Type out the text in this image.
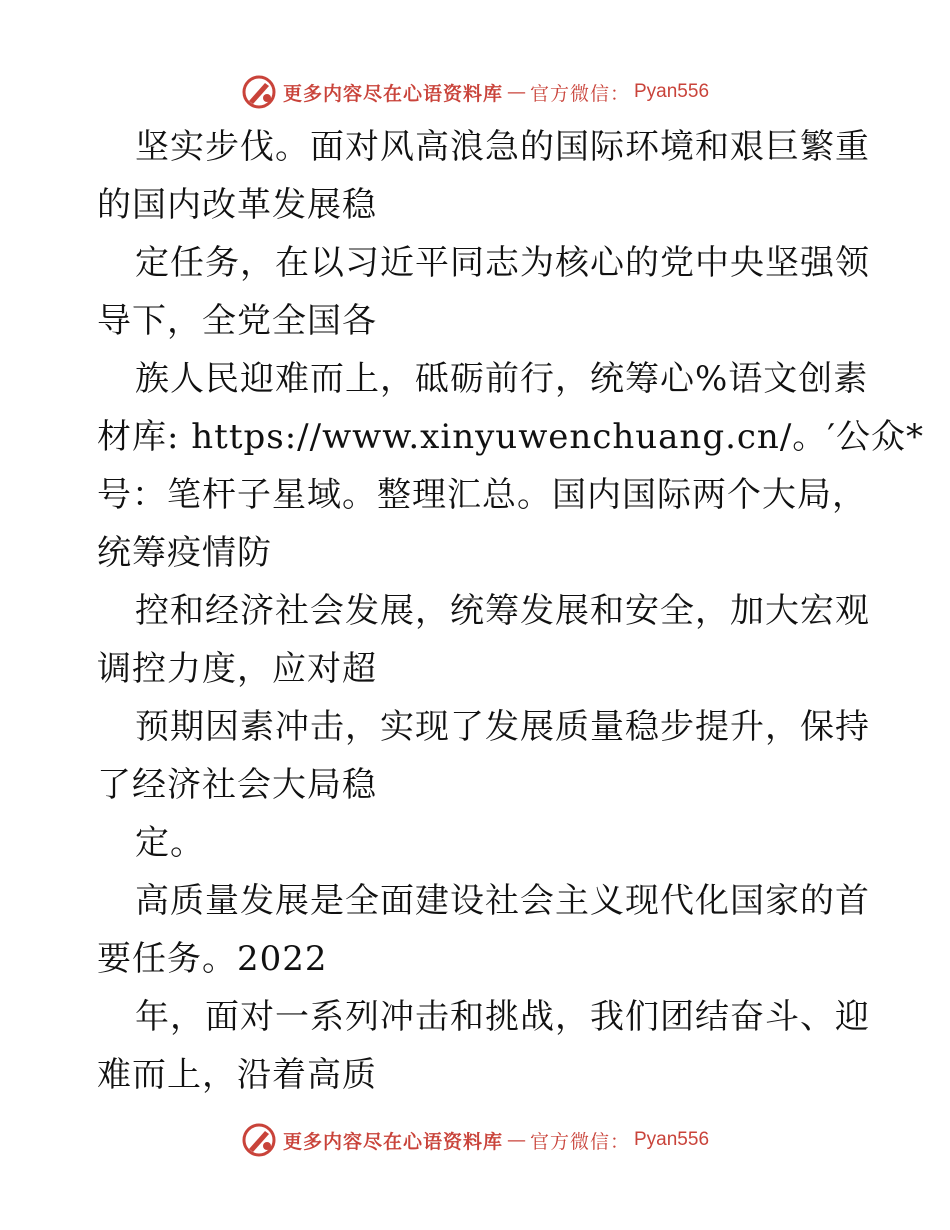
更多内容尽在心语资料库 — 官方微信： Pyan556
坚实步伐。面对风高浪急的国际环境和艰巨繁重
的国内改革发展稳
定任务，在以习近平同志为核心的党中央坚强领
导下，全党全国各
族人民迎难而上，砥砺前行，统筹心%语文创素
材库: https://www.xinyuwenchuang.cn/。′公众*
号：笔杆子星域。整理汇总。国内国际两个大局，
统筹疫情防
控和经济社会发展，统筹发展和安全，加大宏观
调控力度，应对超
预期因素冲击，实现了发展质量稳步提升，保持
了经济社会大局稳
定。
高质量发展是全面建设社会主义现代化国家的首
要任务。2022
年，面对一系列冲击和挑战，我们团结奋斗、迎
难而上，沿着高质
更多内容尽在心语资料库 — 官方微信： Pyan556
